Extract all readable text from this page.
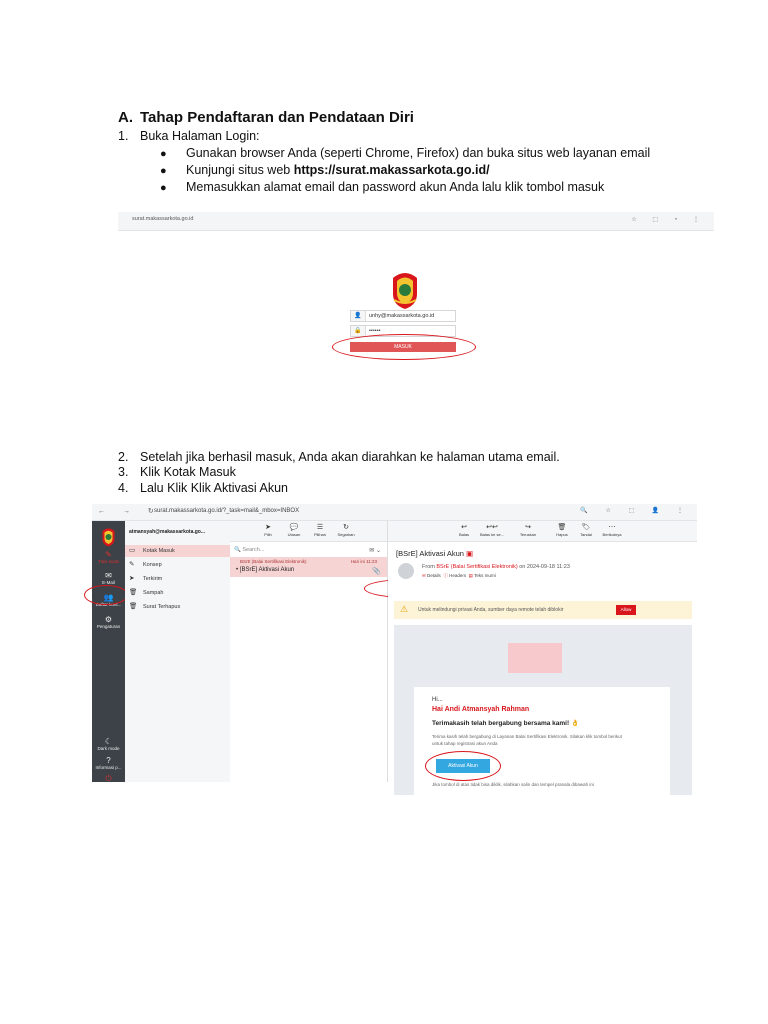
A. Tahap Pendaftaran dan Pendataan Diri
1. Buka Halaman Login:
● Gunakan browser Anda (seperti Chrome, Firefox) dan buka situs web layanan email
● Kunjungi situs web https://surat.makassarkota.go.id/
● Memasukkan alamat email dan password akun Anda lalu klik tombol masuk
surat.makassarkota.go.id	☆ ⬚ ◔ ⋮
👤	unhy@makassarkota.go.id
🔒	••••••
MASUK
2. Setelah jika berhasil masuk, Anda akan diarahkan ke halaman utama email.
3. Klik Kotak Masuk
4. Lalu Klik Klik Aktivasi Akun
← → ↻
surat.makassarkota.go.id/?_task=mail&_mbox=INBOX	🔍 ☆ ⬚ 👤 ⋮
✎
Tulis surat
✉
E-Mail
👥
Daftar kont...
⚙
Pengaturan
☾
Dark mode
?
Informasi p...
⏻
atmansyah@makassarkota.go...
▭ Kotak Masuk
✎ Konsep
➤ Terkirim
🗑 Sampah
🗑 Surat Terhapus
➤
Pilih
💬
Utasan
☰
Pilihan
↻
Segarkan
🔍 Search...	✉ ⌄
BSrE (Balai Sertifikasi Elektronik)	Hari ini 11:23
• [BSrE] Aktivasi Akun	📎
↩
Balas
↩↩
Balas ke se...
↪
Teruskan
🗑
Hapus
🏷
Tandai
⋯
Berikutnya
[BSrE] Aktivasi Akun ▣
From BSrE (Balai Sertifikasi Elektronik) on 2024-09-18 11:23
✉ Details ⓘ Headers ▤ Teks murni
⚠ Untuk melindungi privasi Anda, sumber daya remote telah diblokir	Allow
Hi...
Hai Andi Atmansyah Rahman
Terimakasih telah bergabung bersama kami! 👌
Terima kasih telah bergabung di Layanan Balai Sertifikasi Elektronik. Silakan klik tombol berikut untuk tahap registrasi akun Anda
Aktivasi Akun
Jika tombol di atas tidak bisa diklik, silahkan salin dan tempel pranala dibawah ini
